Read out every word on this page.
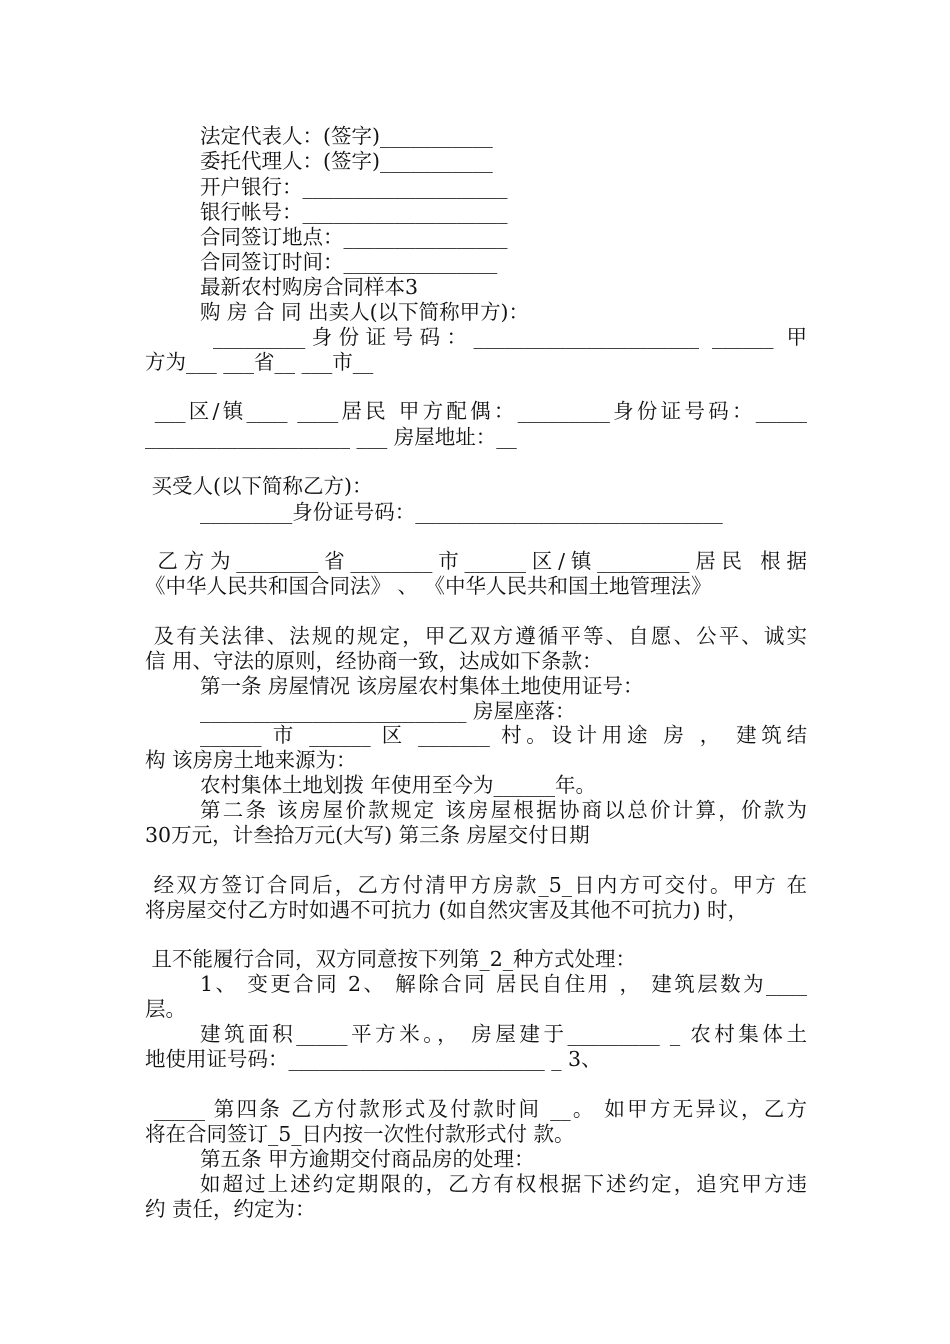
法定代表人：(签字)___________
委托代理人：(签字)___________
开户银行：____________________
银行帐号：____________________
合同签订地点：________________
合同签订时间：_______________
最新农村购房合同样本3
购 房 合 同 出卖人(以下简称甲方)：
_________身份证号码：______________________ ______ 甲
方为___ ___省__ ___市__
___区/镇____ ____居民 甲方配偶：_________身份证号码：_____
____________________ ___ 房屋地址：__
买受人(以下简称乙方)：
_________身份证号码：______________________________
乙方为________省________市______区/镇_________居民 根据
《中华人民共和国合同法》 、 《中华人民共和国土地管理法》
及有关法律、法规的规定，甲乙双方遵循平等、自愿、公平、诚实
信 用、守法的原则，经协商一致，达成如下条款：
第一条 房屋情况 该房屋农村集体土地使用证号：
__________________________ 房屋座落：
______ 市 ______ 区 _______ 村。设计用途 房 ， 建筑结
构 该房房土地来源为：
农村集体土地划拨 年使用至今为______年。
第二条 该房屋价款规定 该房屋根据协商以总价计算，价款为
30万元，计叁拾万元(大写) 第三条 房屋交付日期
经双方签订合同后，乙方付清甲方房款_5_日内方可交付。甲方 在
将房屋交付乙方时如遇不可抗力 (如自然灾害及其他不可抗力) 时，
且不能履行合同，双方同意按下列第_2_种方式处理：
1、 变更合同 2、 解除合同 居民自住用 ， 建筑层数为____
层。
建筑面积_____平方米。， 房屋建于_________ _ 农村集体土
地使用证号码：_________________________ _ 3、
_____ 第四条 乙方付款形式及付款时间 __。 如甲方无异议，乙方
将在合同签订_5_日内按一次性付款形式付 款。
第五条 甲方逾期交付商品房的处理：
如超过上述约定期限的，乙方有权根据下述约定，追究甲方违
约 责任，约定为：
